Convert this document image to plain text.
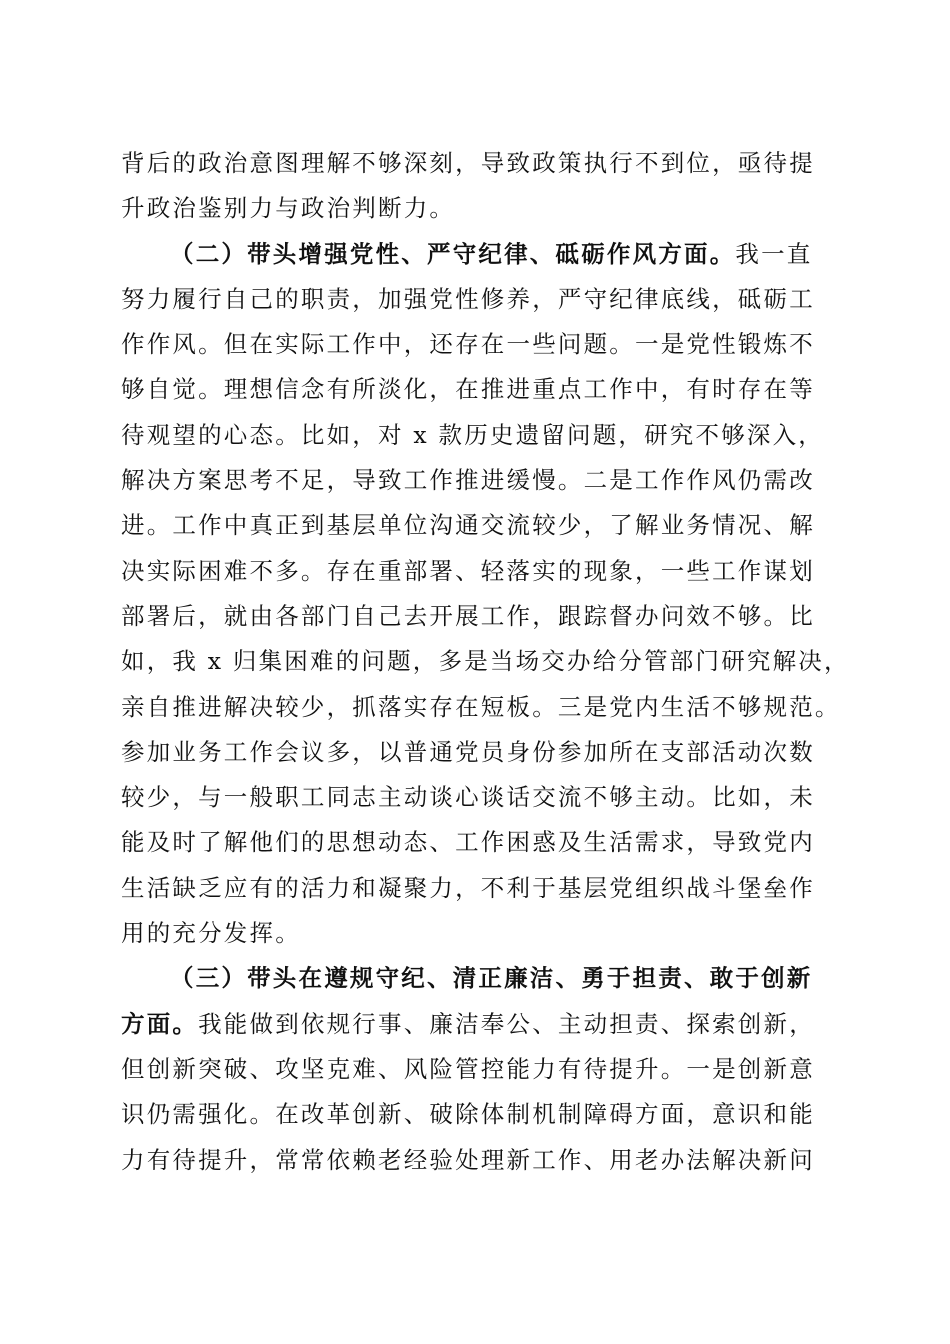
背后的政治意图理解不够深刻，导致政策执行不到位，亟待提
升政治鉴别力与政治判断力。
（二）带头增强党性、严守纪律、砥砺作风方面。我一直
努力履行自己的职责，加强党性修养，严守纪律底线，砥砺工
作作风。但在实际工作中，还存在一些问题。一是党性锻炼不
够自觉。理想信念有所淡化，在推进重点工作中，有时存在等
待观望的心态。比如，对 x 款历史遗留问题，研究不够深入，
解决方案思考不足，导致工作推进缓慢。二是工作作风仍需改
进。工作中真正到基层单位沟通交流较少，了解业务情况、解
决实际困难不多。存在重部署、轻落实的现象，一些工作谋划
部署后，就由各部门自己去开展工作，跟踪督办问效不够。比
如，我 x 归集困难的问题，多是当场交办给分管部门研究解决，
亲自推进解决较少，抓落实存在短板。三是党内生活不够规范。
参加业务工作会议多，以普通党员身份参加所在支部活动次数
较少，与一般职工同志主动谈心谈话交流不够主动。比如，未
能及时了解他们的思想动态、工作困惑及生活需求，导致党内
生活缺乏应有的活力和凝聚力，不利于基层党组织战斗堡垒作
用的充分发挥。
（三）带头在遵规守纪、清正廉洁、勇于担责、敢于创新
方面。我能做到依规行事、廉洁奉公、主动担责、探索创新，
但创新突破、攻坚克难、风险管控能力有待提升。一是创新意
识仍需强化。在改革创新、破除体制机制障碍方面，意识和能
力有待提升，常常依赖老经验处理新工作、用老办法解决新问
